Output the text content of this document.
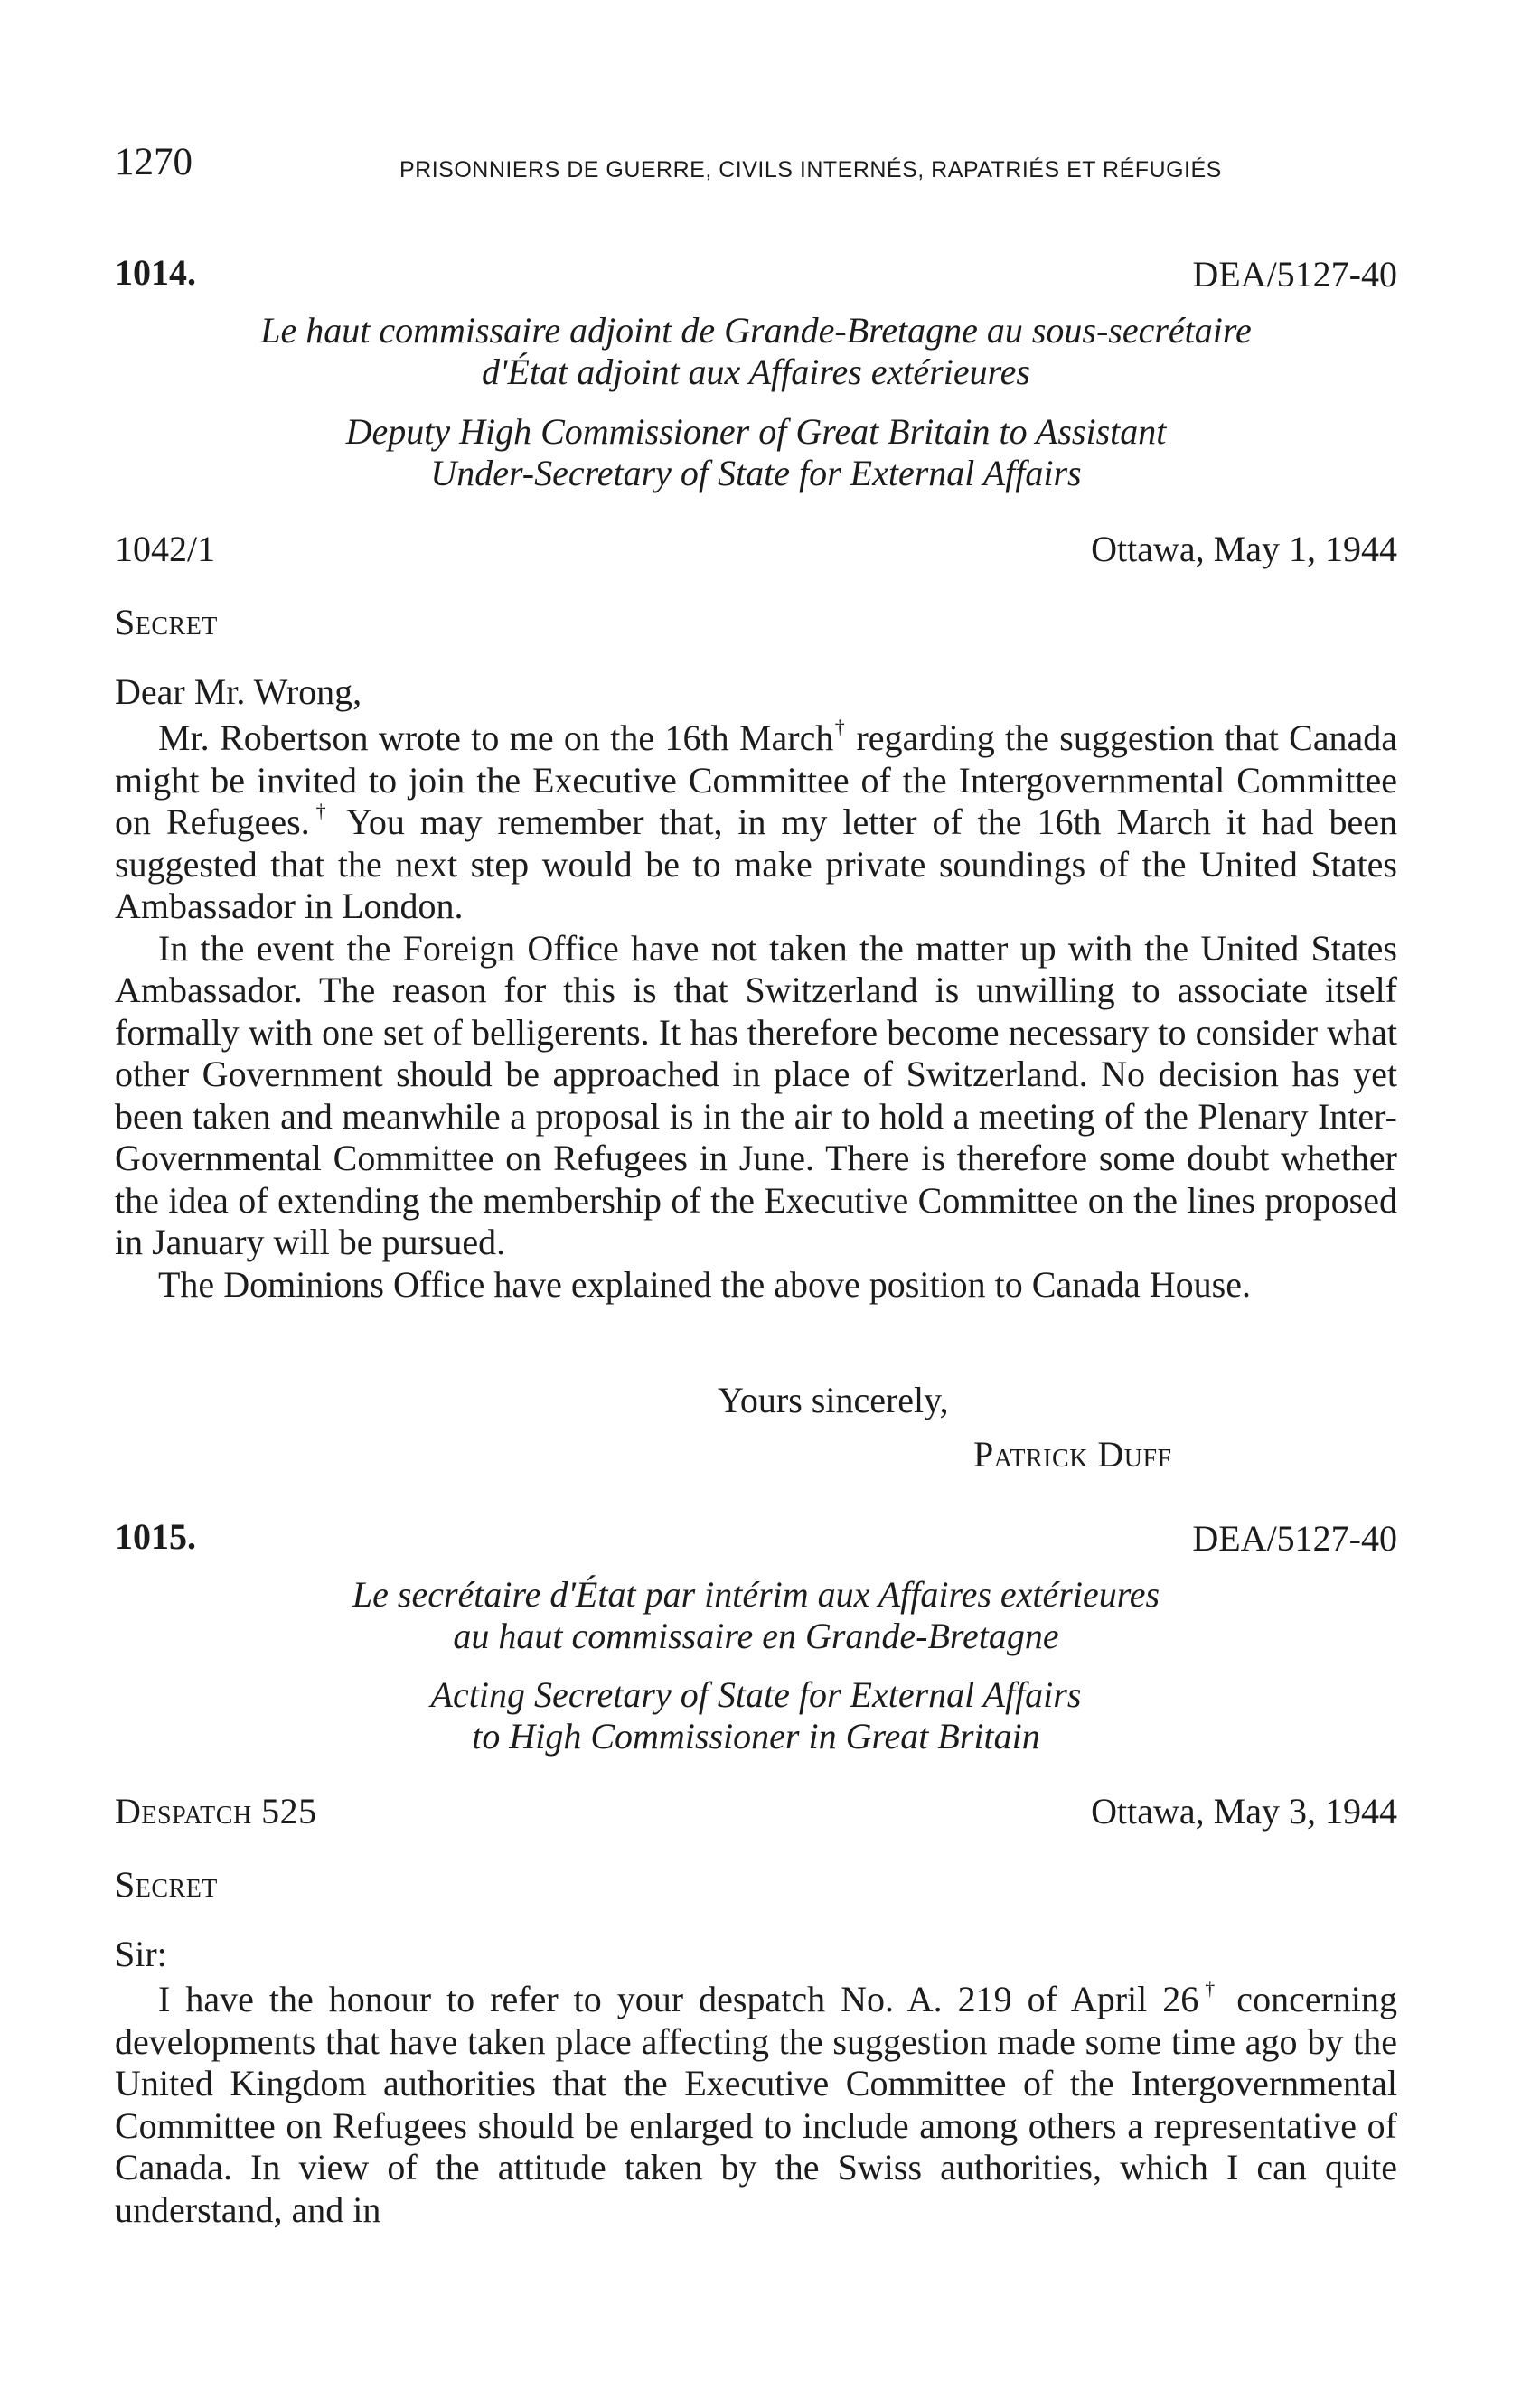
1270	PRISONNIERS DE GUERRE, CIVILS INTERNÉS, RAPATRIÉS ET RÉFUGIÉS
1014.	DEA/5127-40
Le haut commissaire adjoint de Grande-Bretagne au sous-secrétaire
d'État adjoint aux Affaires extérieures
Deputy High Commissioner of Great Britain to Assistant
Under-Secretary of State for External Affairs
1042/1	Ottawa, May 1, 1944
Secret
Dear Mr. Wrong,

Mr. Robertson wrote to me on the 16th March† regarding the suggestion that Canada might be invited to join the Executive Committee of the Intergovernmental Committee on Refugees.† You may remember that, in my letter of the 16th March it had been suggested that the next step would be to make private soundings of the United States Ambassador in London.

In the event the Foreign Office have not taken the matter up with the United States Ambassador. The reason for this is that Switzerland is unwilling to associate itself formally with one set of belligerents. It has therefore become necessary to consider what other Government should be approached in place of Switzerland. No decision has yet been taken and meanwhile a proposal is in the air to hold a meeting of the Plenary Inter-Governmental Committee on Refugees in June. There is therefore some doubt whether the idea of extending the membership of the Executive Committee on the lines proposed in January will be pursued.

The Dominions Office have explained the above position to Canada House.

Yours sincerely,
Patrick Duff
1015.	DEA/5127-40
Le secrétaire d'État par intérim aux Affaires extérieures
au haut commissaire en Grande-Bretagne
Acting Secretary of State for External Affairs
to High Commissioner in Great Britain
Despatch 525	Ottawa, May 3, 1944
Secret
Sir:

I have the honour to refer to your despatch No. A. 219 of April 26† concerning developments that have taken place affecting the suggestion made some time ago by the United Kingdom authorities that the Executive Committee of the Intergovernmental Committee on Refugees should be enlarged to include among others a representative of Canada. In view of the attitude taken by the Swiss authorities, which I can quite understand, and in
